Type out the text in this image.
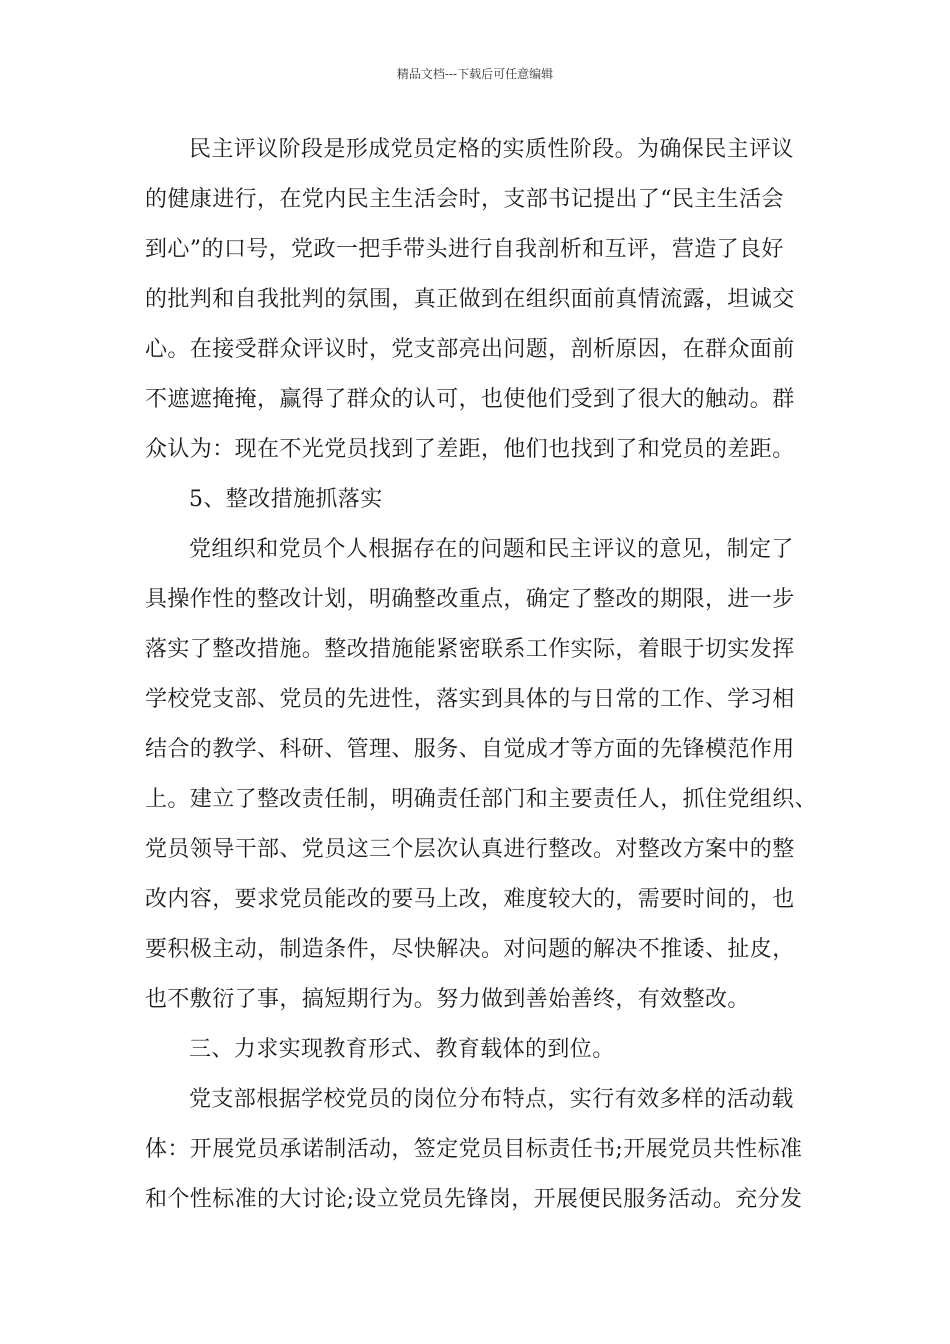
精品文档---下载后可任意编辑
民主评议阶段是形成党员定格的实质性阶段。为确保民主评议
的健康进行，在党内民主生活会时，支部书记提出了“民主生活会
到心”的口号，党政一把手带头进行自我剖析和互评，营造了良好
的批判和自我批判的氛围，真正做到在组织面前真情流露，坦诚交
心。在接受群众评议时，党支部亮出问题，剖析原因，在群众面前
不遮遮掩掩，赢得了群众的认可，也使他们受到了很大的触动。群
众认为：现在不光党员找到了差距，他们也找到了和党员的差距。
5、整改措施抓落实
党组织和党员个人根据存在的问题和民主评议的意见，制定了
具操作性的整改计划，明确整改重点，确定了整改的期限，进一步
落实了整改措施。整改措施能紧密联系工作实际，着眼于切实发挥
学校党支部、党员的先进性，落实到具体的与日常的工作、学习相
结合的教学、科研、管理、服务、自觉成才等方面的先锋模范作用
上。建立了整改责任制，明确责任部门和主要责任人，抓住党组织、
党员领导干部、党员这三个层次认真进行整改。对整改方案中的整
改内容，要求党员能改的要马上改，难度较大的，需要时间的，也
要积极主动，制造条件，尽快解决。对问题的解决不推诿、扯皮，
也不敷衍了事，搞短期行为。努力做到善始善终，有效整改。
三、力求实现教育形式、教育载体的到位。
党支部根据学校党员的岗位分布特点，实行有效多样的活动载
体：开展党员承诺制活动，签定党员目标责任书;开展党员共性标准
和个性标准的大讨论;设立党员先锋岗，开展便民服务活动。充分发
